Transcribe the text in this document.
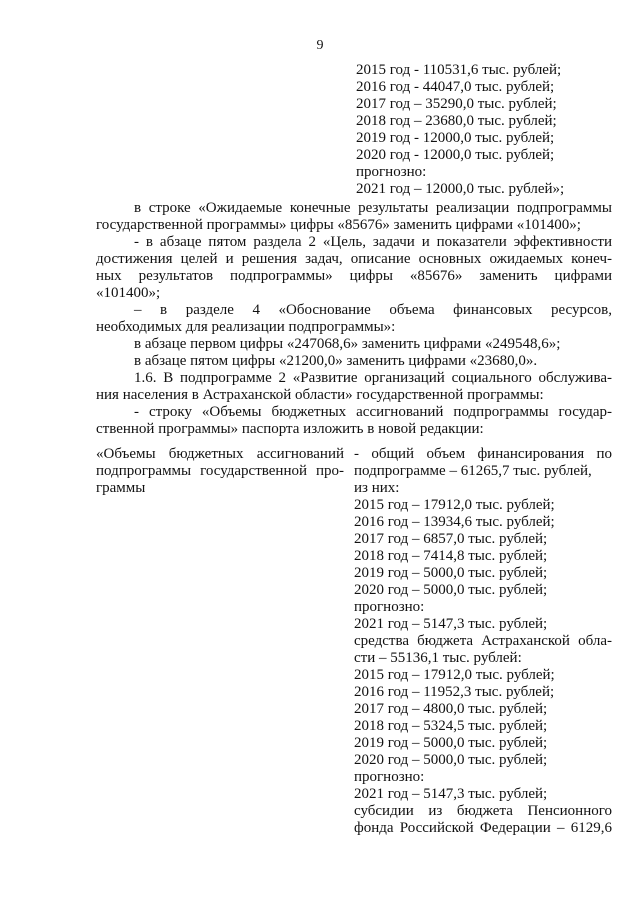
9
2015 год - 110531,6 тыс. рублей;
2016 год - 44047,0 тыс. рублей;
2017 год – 35290,0 тыс. рублей;
2018 год – 23680,0 тыс. рублей;
2019 год - 12000,0 тыс. рублей;
2020 год - 12000,0 тыс. рублей;
прогнозно:
2021 год – 12000,0 тыс. рублей»;

в строке «Ожидаемые конечные результаты реализации подпрограммы
государственной программы» цифры «85676» заменить цифрами «101400»;

- в абзаце пятом раздела 2 «Цель, задачи и показатели эффективности
достижения целей и решения задач, описание основных ожидаемых конеч-
ных результатов подпрограммы» цифры «85676» заменить цифрами
«101400»;

– в разделе 4 «Обоснование объема финансовых ресурсов,
необходимых для реализации подпрограммы»:

в абзаце первом цифры «247068,6» заменить цифрами «249548,6»;

в абзаце пятом цифры «21200,0» заменить цифрами «23680,0».

1.6. В подпрограмме 2 «Развитие организаций социального обслужива-
ния населения в Астраханской области» государственной программы:

- строку «Объемы бюджетных ассигнований подпрограммы государ-
ственной программы» паспорта изложить в новой редакции:

«Объемы бюджетных ассигнований
подпрограммы государственной про-
граммы
- общий объем финансирования по
подпрограмме – 61265,7 тыс. рублей,
из них:
2015 год – 17912,0 тыс. рублей;
2016 год – 13934,6 тыс. рублей;
2017 год – 6857,0 тыс. рублей;
2018 год – 7414,8 тыс. рублей;
2019 год – 5000,0 тыс. рублей;
2020 год – 5000,0 тыс. рублей;
прогнозно:
2021 год – 5147,3 тыс. рублей;
средства бюджета Астраханской обла-
сти – 55136,1 тыс. рублей:
2015 год – 17912,0 тыс. рублей;
2016 год – 11952,3 тыс. рублей;
2017 год – 4800,0 тыс. рублей;
2018 год – 5324,5 тыс. рублей;
2019 год – 5000,0 тыс. рублей;
2020 год – 5000,0 тыс. рублей;
прогнозно:
2021 год – 5147,3 тыс. рублей;
субсидии из бюджета Пенсионного
фонда Российской Федерации – 6129,6
